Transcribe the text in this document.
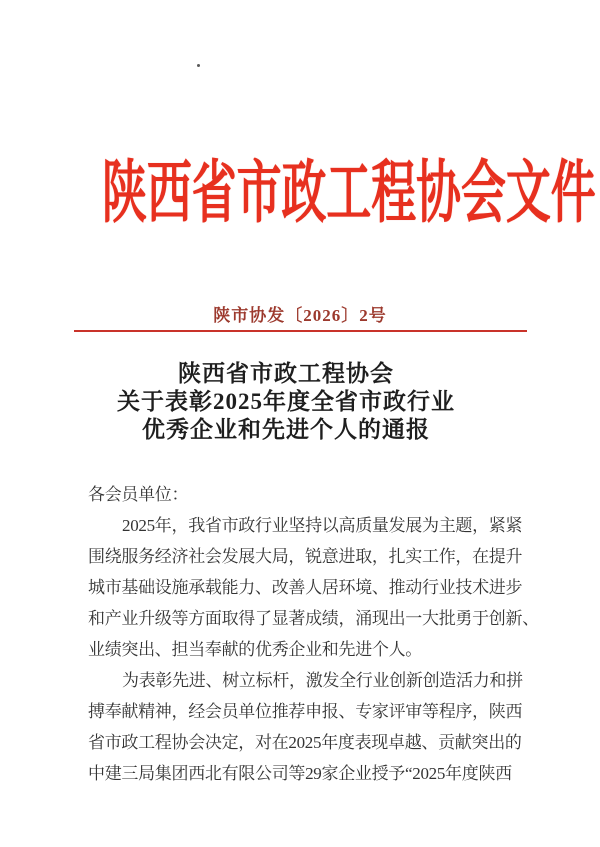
陕西省市政工程协会文件
陕市协发〔2026〕2号
陕西省市政工程协会
关于表彰2025年度全省市政行业
优秀企业和先进个人的通报
各会员单位：
2025年，我省市政行业坚持以高质量发展为主题，紧紧
围绕服务经济社会发展大局，锐意进取，扎实工作，在提升
城市基础设施承载能力、改善人居环境、推动行业技术进步
和产业升级等方面取得了显著成绩，涌现出一大批勇于创新、
业绩突出、担当奉献的优秀企业和先进个人。
为表彰先进、树立标杆，激发全行业创新创造活力和拼
搏奉献精神，经会员单位推荐申报、专家评审等程序，陕西
省市政工程协会决定，对在2025年度表现卓越、贡献突出的
中建三局集团西北有限公司等29家企业授予“2025年度陕西
